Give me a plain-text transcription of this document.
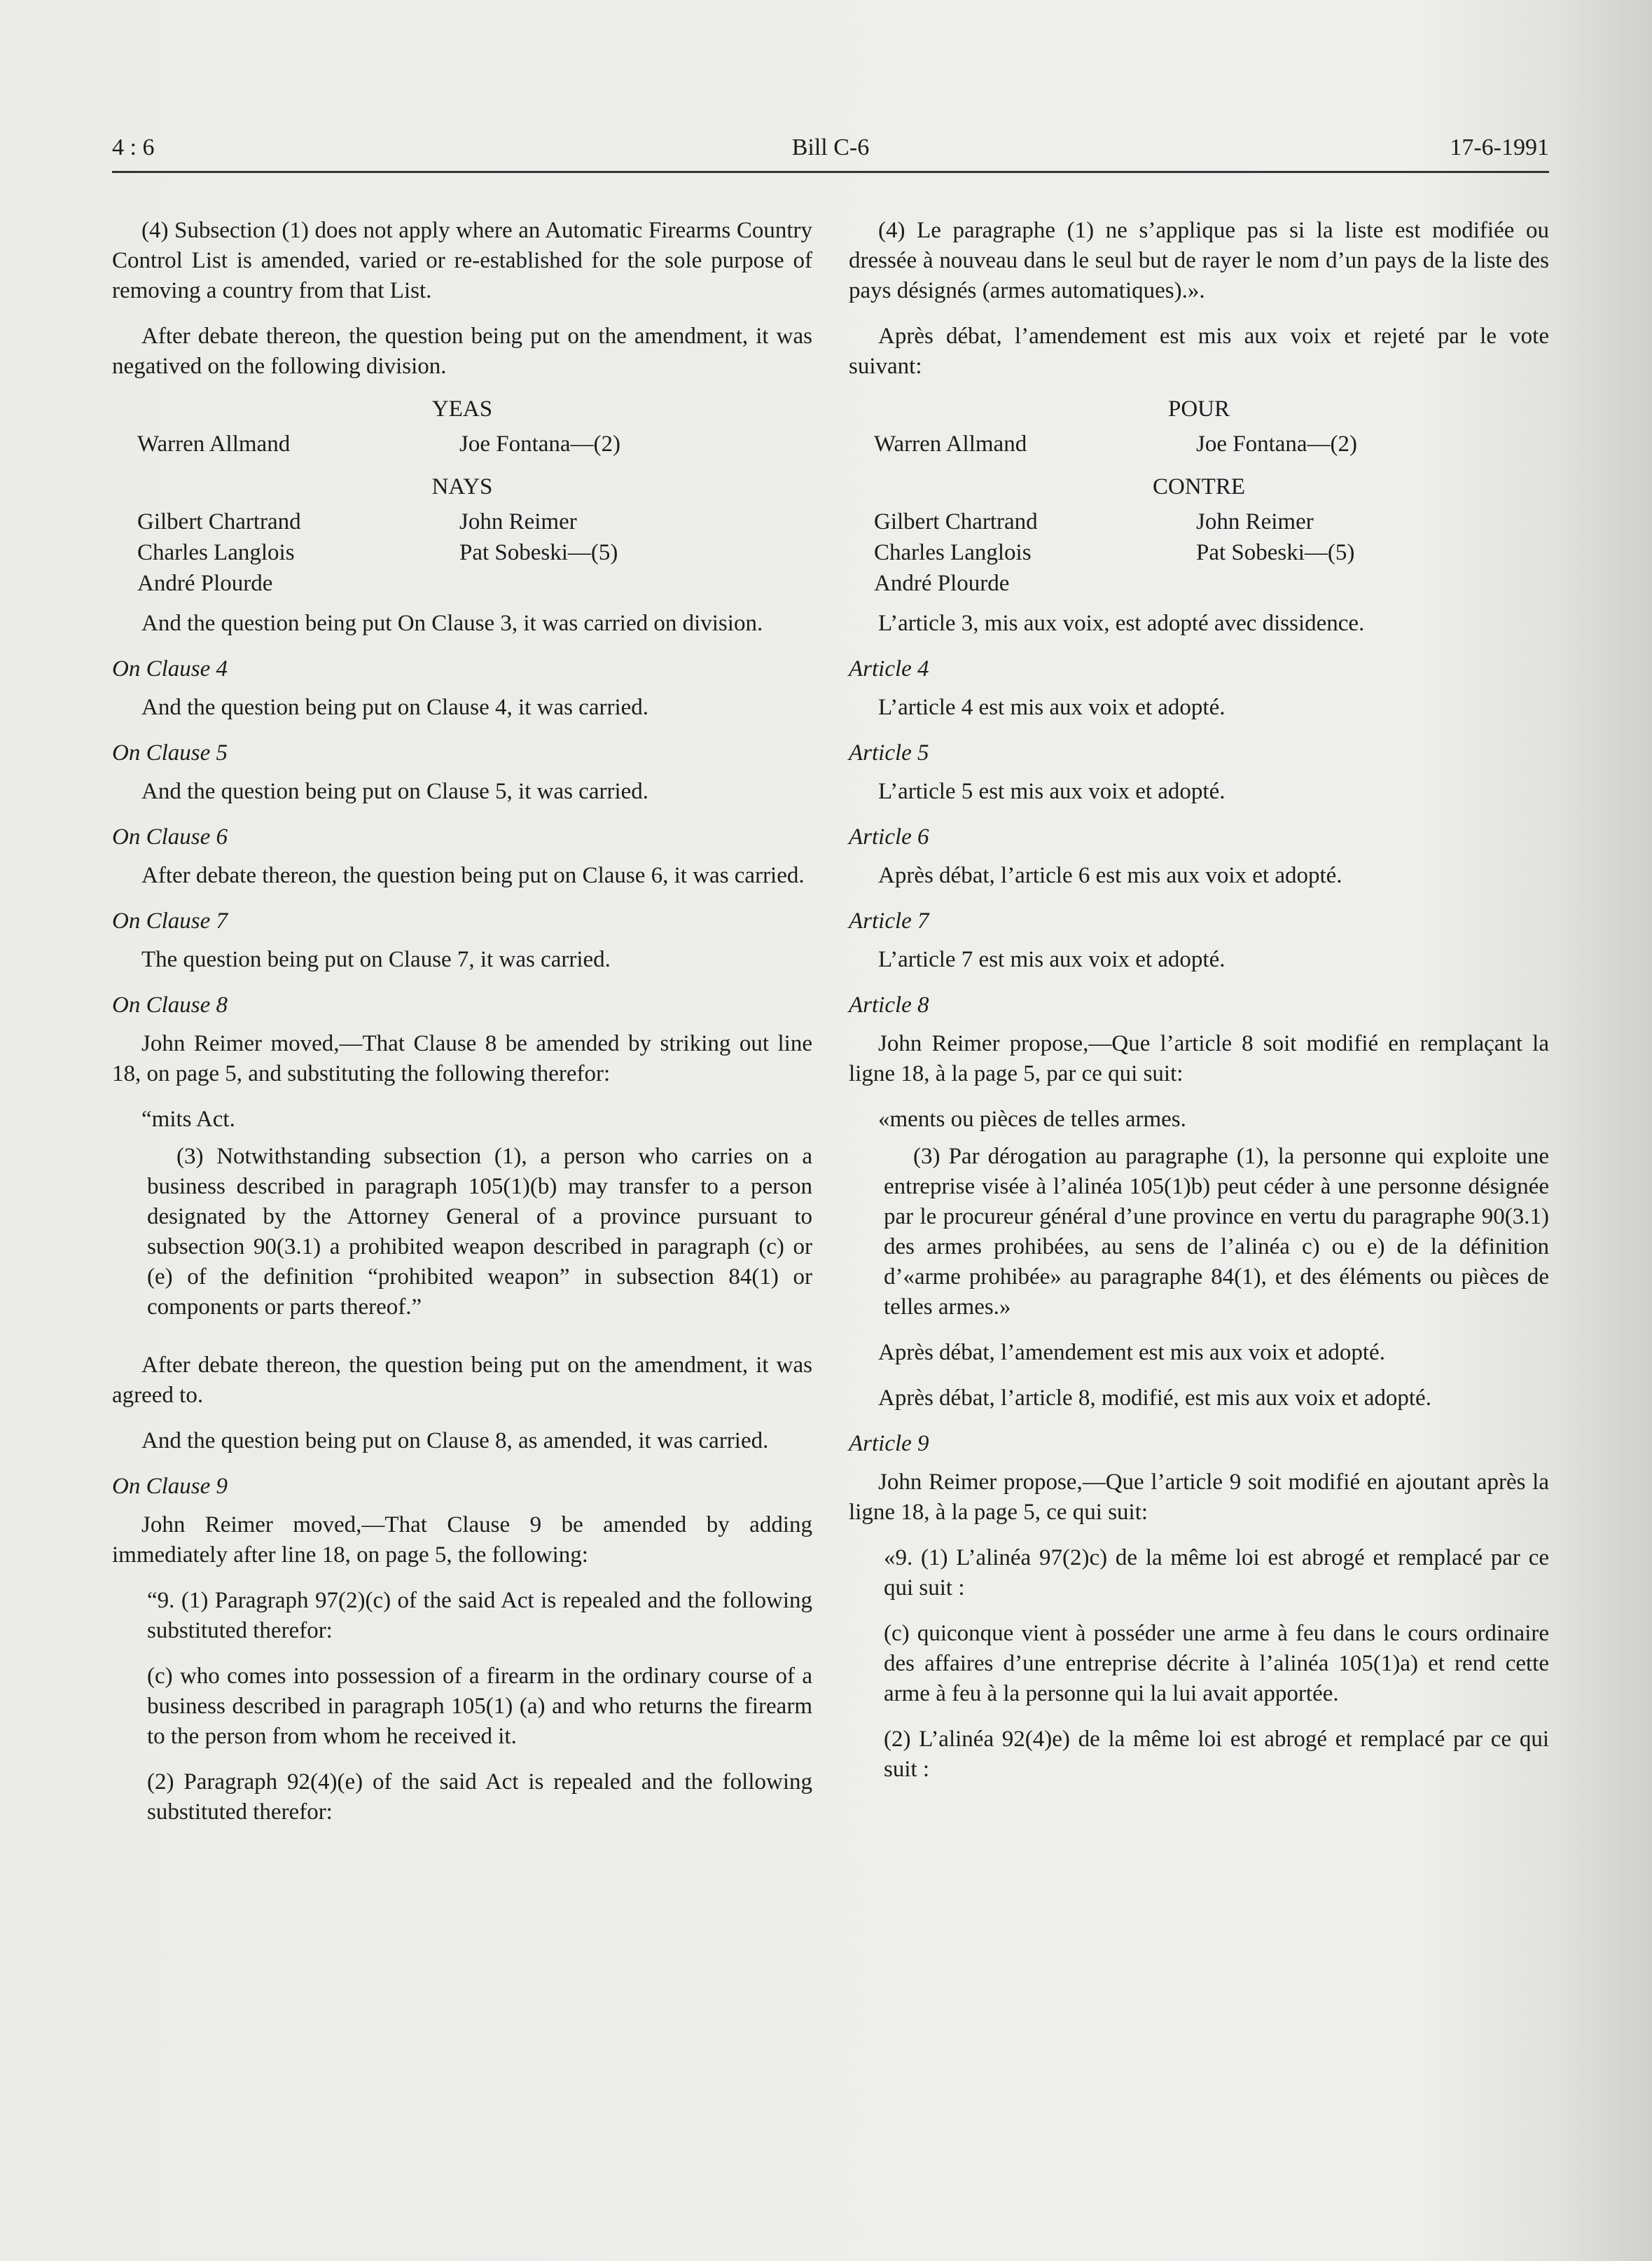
4 : 6	Bill C-6	17-6-1991

(4) Subsection (1) does not apply where an Automatic Firearms Country Control List is amended, varied or re-established for the sole purpose of removing a country from that List.

After debate thereon, the question being put on the amendment, it was negatived on the following division.

YEAS
Warren Allmand	Joe Fontana—(2)
NAYS
Gilbert Chartrand	John Reimer
Charles Langlois	Pat Sobeski—(5)
André Plourde

And the question being put On Clause 3, it was carried on division.

On Clause 4

And the question being put on Clause 4, it was carried.

On Clause 5

And the question being put on Clause 5, it was carried.

On Clause 6

After debate thereon, the question being put on Clause 6, it was carried.

On Clause 7

The question being put on Clause 7, it was carried.

On Clause 8

John Reimer moved,—That Clause 8 be amended by striking out line 18, on page 5, and substituting the following therefor:

“mits Act.

(3) Notwithstanding subsection (1), a person who carries on a business described in paragraph 105(1)(b) may transfer to a person designated by the Attorney General of a province pursuant to subsection 90(3.1) a prohibited weapon described in paragraph (c) or (e) of the definition “prohibited weapon” in subsection 84(1) or components or parts thereof.”

After debate thereon, the question being put on the amendment, it was agreed to.

And the question being put on Clause 8, as amended, it was carried.

On Clause 9

John Reimer moved,—That Clause 9 be amended by adding immediately after line 18, on page 5, the following:

“9. (1) Paragraph 97(2)(c) of the said Act is repealed and the following substituted therefor:

(c) who comes into possession of a firearm in the ordinary course of a business described in paragraph 105(1) (a) and who returns the firearm to the person from whom he received it.

(2) Paragraph 92(4)(e) of the said Act is repealed and the following substituted therefor:

(4) Le paragraphe (1) ne s’applique pas si la liste est modifiée ou dressée à nouveau dans le seul but de rayer le nom d’un pays de la liste des pays désignés (armes automatiques).».

Après débat, l’amendement est mis aux voix et rejeté par le vote suivant:

POUR
Warren Allmand	Joe Fontana—(2)
CONTRE
Gilbert Chartrand	John Reimer
Charles Langlois	Pat Sobeski—(5)
André Plourde

L’article 3, mis aux voix, est adopté avec dissidence.

Article 4

L’article 4 est mis aux voix et adopté.

Article 5

L’article 5 est mis aux voix et adopté.

Article 6

Après débat, l’article 6 est mis aux voix et adopté.

Article 7

L’article 7 est mis aux voix et adopté.

Article 8

John Reimer propose,—Que l’article 8 soit modifié en remplaçant la ligne 18, à la page 5, par ce qui suit:

«ments ou pièces de telles armes.

(3) Par dérogation au paragraphe (1), la personne qui exploite une entreprise visée à l’alinéa 105(1)b) peut céder à une personne désignée par le procureur général d’une province en vertu du paragraphe 90(3.1) des armes prohibées, au sens de l’alinéa c) ou e) de la définition d’«arme prohibée» au paragraphe 84(1), et des éléments ou pièces de telles armes.»

Après débat, l’amendement est mis aux voix et adopté.

Après débat, l’article 8, modifié, est mis aux voix et adopté.

Article 9

John Reimer propose,—Que l’article 9 soit modifié en ajoutant après la ligne 18, à la page 5, ce qui suit:

«9. (1) L’alinéa 97(2)c) de la même loi est abrogé et remplacé par ce qui suit :

(c) quiconque vient à posséder une arme à feu dans le cours ordinaire des affaires d’une entreprise décrite à l’alinéa 105(1)a) et rend cette arme à feu à la personne qui la lui avait apportée.

(2) L’alinéa 92(4)e) de la même loi est abrogé et remplacé par ce qui suit :
